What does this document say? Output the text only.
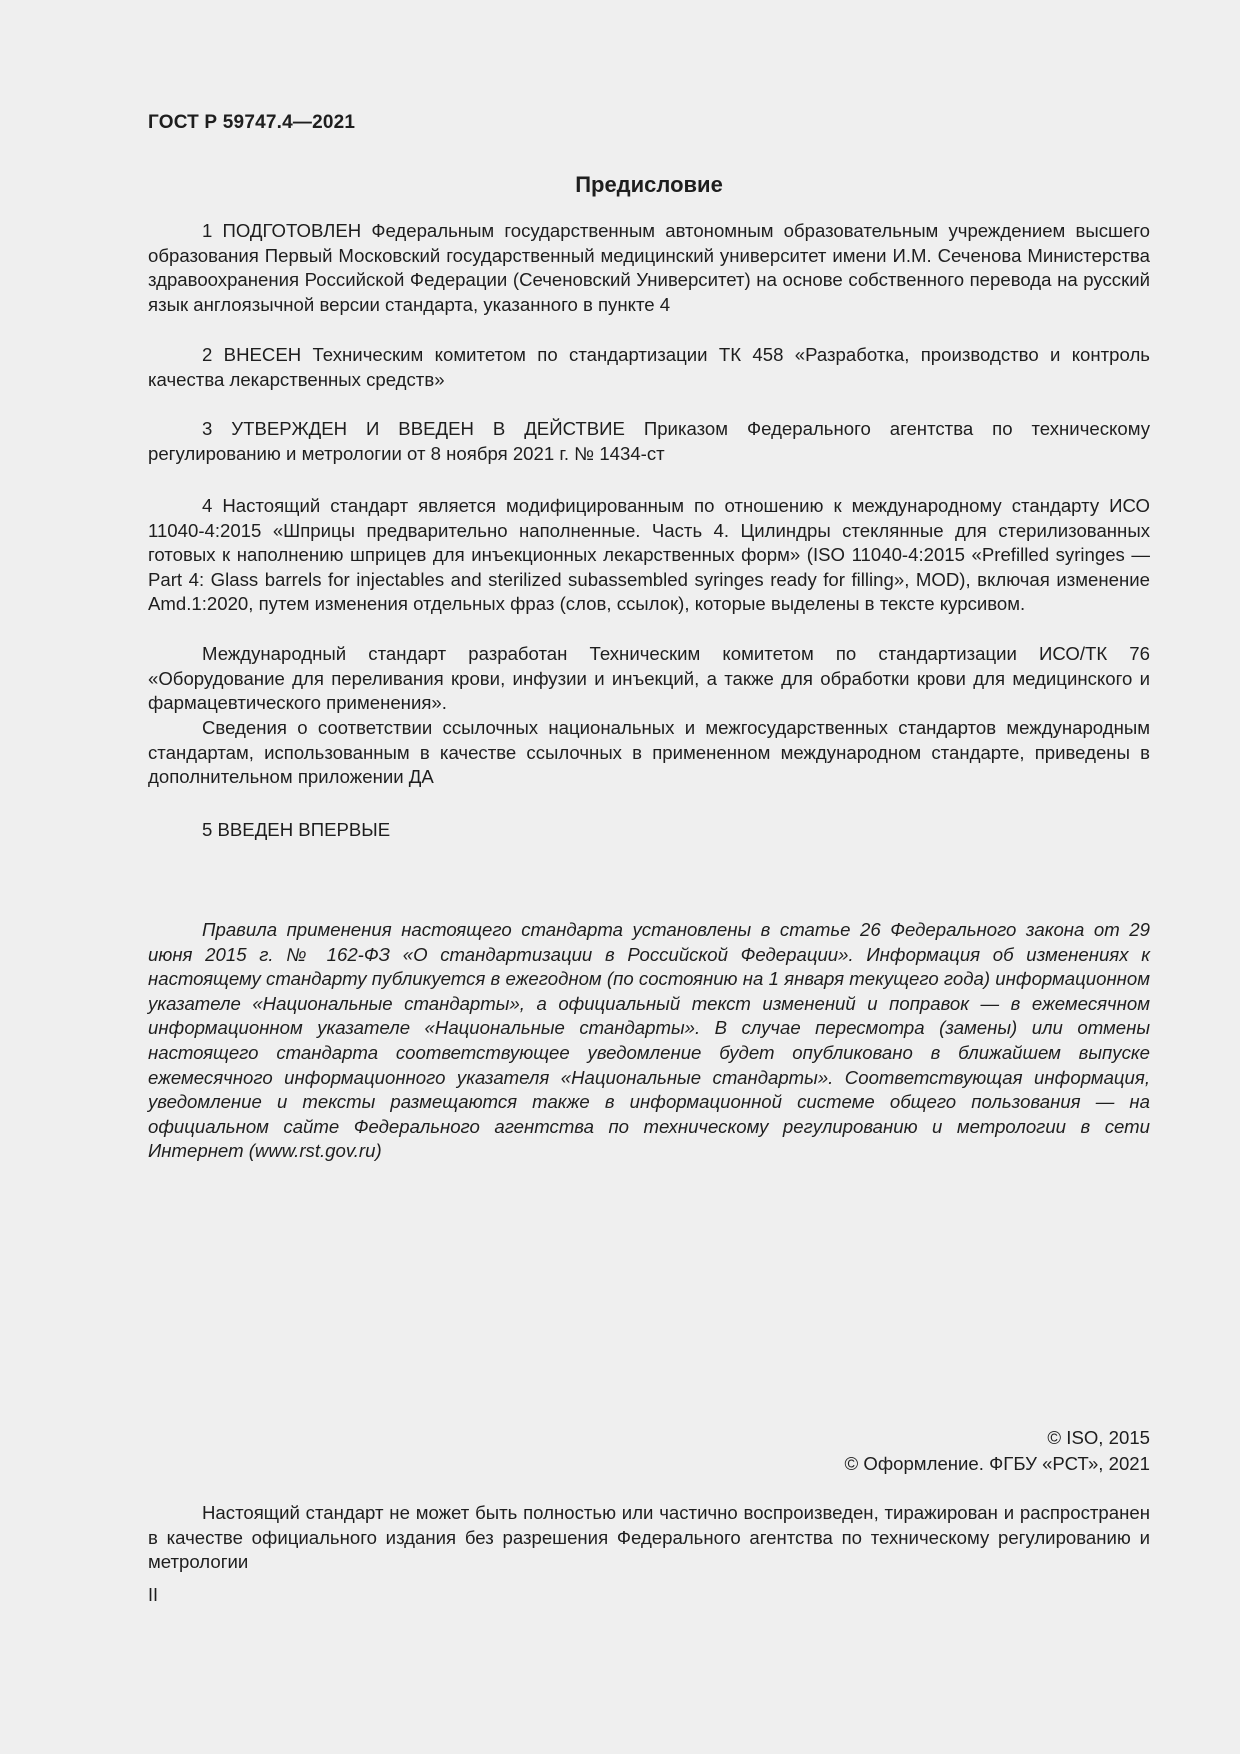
ГОСТ Р 59747.4—2021
Предисловие

1 ПОДГОТОВЛЕН Федеральным государственным автономным образовательным учреждением высшего образования Первый Московский государственный медицинский университет имени И.М. Сеченова Министерства здравоохранения Российской Федерации (Сеченовский Университет) на основе собственного перевода на русский язык англоязычной версии стандарта, указанного в пункте 4

2 ВНЕСЕН Техническим комитетом по стандартизации ТК 458 «Разработка, производство и контроль качества лекарственных средств»

3 УТВЕРЖДЕН И ВВЕДЕН В ДЕЙСТВИЕ Приказом Федерального агентства по техническому регулированию и метрологии от 8 ноября 2021 г. № 1434-ст

4 Настоящий стандарт является модифицированным по отношению к международному стандарту ИСО 11040-4:2015 «Шприцы предварительно наполненные. Часть 4. Цилиндры стеклянные для стерилизованных готовых к наполнению шприцев для инъекционных лекарственных форм» (ISO 11040-4:2015 «Prefilled syringes — Part 4: Glass barrels for injectables and sterilized subassembled syringes ready for filling», MOD), включая изменение Amd.1:2020, путем изменения отдельных фраз (слов, ссылок), которые выделены в тексте курсивом.

Международный стандарт разработан Техническим комитетом по стандартизации ИСО/ТК 76 «Оборудование для переливания крови, инфузии и инъекций, а также для обработки крови для медицинского и фармацевтического применения».

Сведения о соответствии ссылочных национальных и межгосударственных стандартов международным стандартам, использованным в качестве ссылочных в примененном международном стандарте, приведены в дополнительном приложении ДА

5 ВВЕДЕН ВПЕРВЫЕ

Правила применения настоящего стандарта установлены в статье 26 Федерального закона от 29 июня 2015 г. № 162-ФЗ «О стандартизации в Российской Федерации». Информация об изменениях к настоящему стандарту публикуется в ежегодном (по состоянию на 1 января текущего года) информационном указателе «Национальные стандарты», а официальный текст изменений и поправок — в ежемесячном информационном указателе «Национальные стандарты». В случае пересмотра (замены) или отмены настоящего стандарта соответствующее уведомление будет опубликовано в ближайшем выпуске ежемесячного информационного указателя «Национальные стандарты». Соответствующая информация, уведомление и тексты размещаются также в информационной системе общего пользования — на официальном сайте Федерального агентства по техническому регулированию и метрологии в сети Интернет (www.rst.gov.ru)

© ISO, 2015
© Оформление. ФГБУ «РСТ», 2021

Настоящий стандарт не может быть полностью или частично воспроизведен, тиражирован и распространен в качестве официального издания без разрешения Федерального агентства по техническому регулированию и метрологии

II
